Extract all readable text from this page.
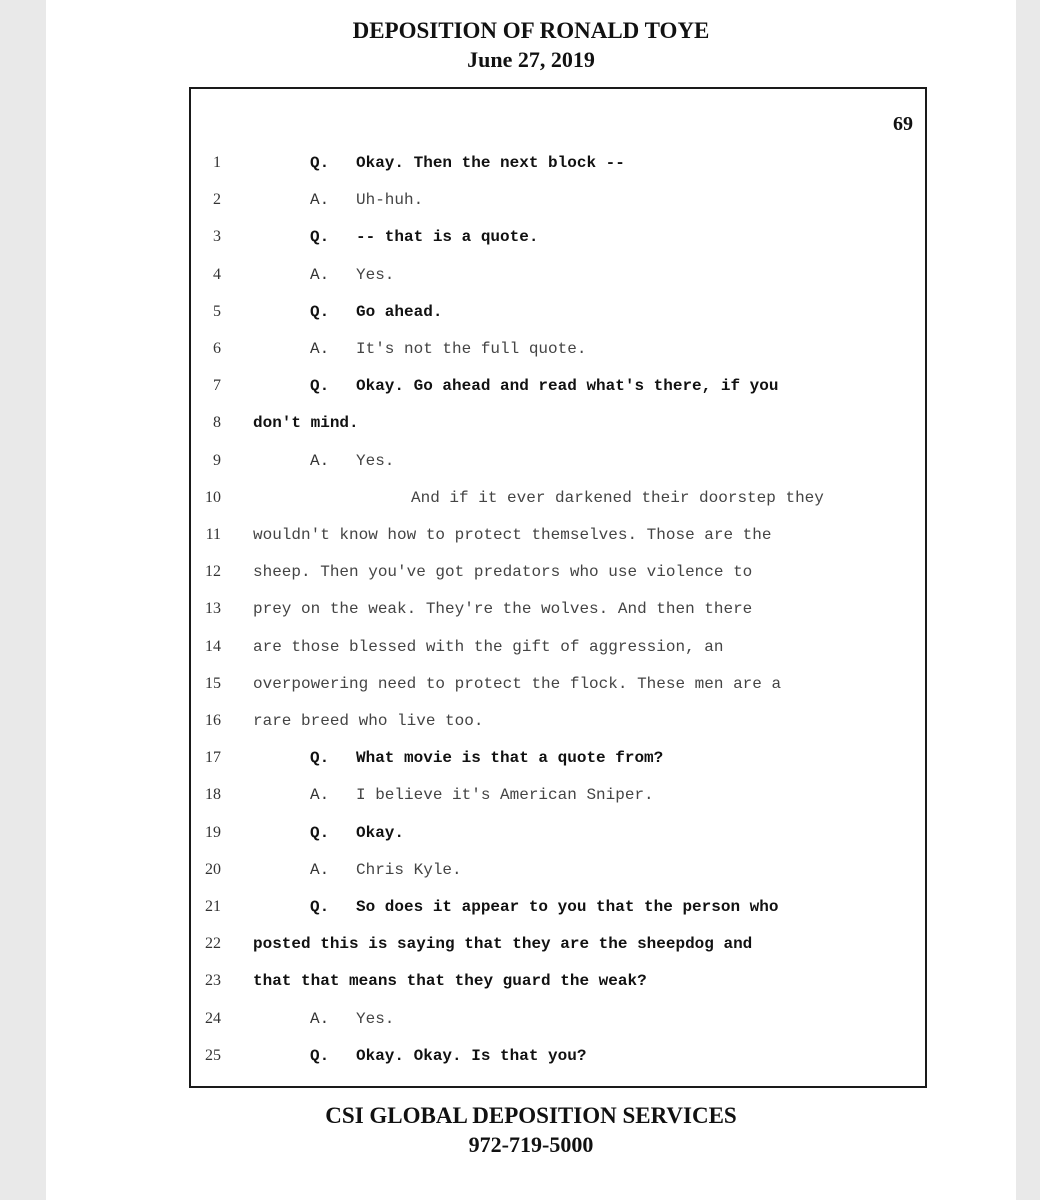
DEPOSITION OF RONALD TOYE
June 27, 2019
69
1	Q. Okay. Then the next block --
2	A. Uh-huh.
3	Q. -- that is a quote.
4	A. Yes.
5	Q. Go ahead.
6	A. It's not the full quote.
7	Q. Okay. Go ahead and read what's there, if you
8 don't mind.
9	A. Yes.
10	And if it ever darkened their doorstep they
11 wouldn't know how to protect themselves. Those are the
12 sheep. Then you've got predators who use violence to
13 prey on the weak. They're the wolves. And then there
14 are those blessed with the gift of aggression, an
15 overpowering need to protect the flock. These men are a
16 rare breed who live too.
17	Q. What movie is that a quote from?
18	A. I believe it's American Sniper.
19	Q. Okay.
20	A. Chris Kyle.
21	Q. So does it appear to you that the person who
22 posted this is saying that they are the sheepdog and
23 that that means that they guard the weak?
24	A. Yes.
25	Q. Okay. Okay. Is that you?
CSI GLOBAL DEPOSITION SERVICES
972-719-5000
